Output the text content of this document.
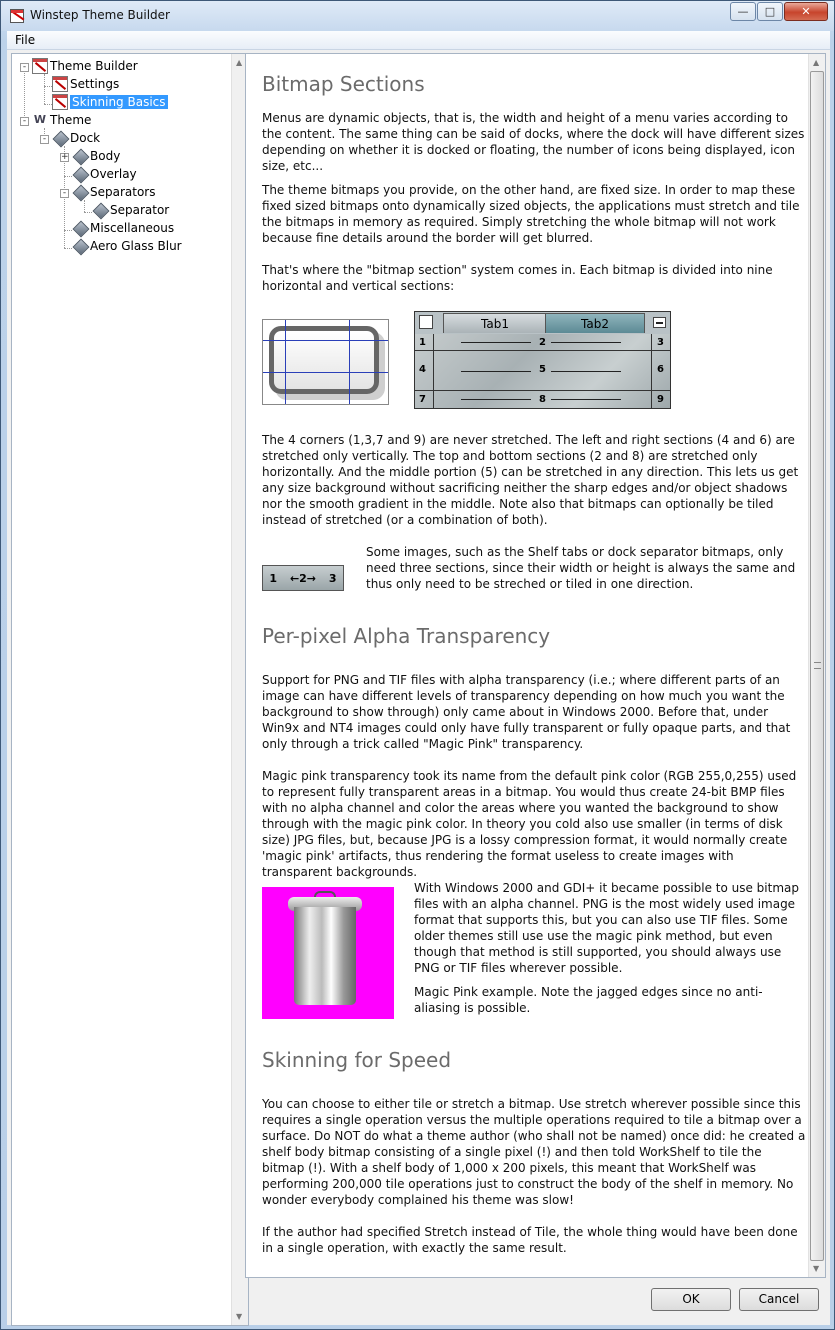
Winstep Theme Builder	—	□	✕
File
- Theme Builder
Settings
Skinning Basics
- W Theme
- Dock
+ Body
Overlay
- Separators
Separator
Miscellaneous
Aero Glass Blur
▲
▼
Bitmap Sections

Menus are dynamic objects, that is, the width and height of a menu varies according to the content. The same thing can be said of docks, where the dock will have different sizes depending on whether it is docked or floating, the number of icons being displayed, icon size, etc...

The theme bitmaps you provide, on the other hand, are fixed size. In order to map these fixed sized bitmaps onto dynamically sized objects, the applications must stretch and tile the bitmaps in memory as required. Simply stretching the whole bitmap will not work because fine details around the border will get blurred.

That's where the "bitmap section" system comes in. Each bitmap is divided into nine horizontal and vertical sections:

Tab1	Tab2
1	2	3
4	5	6
7	8	9

The 4 corners (1,3,7 and 9) are never stretched. The left and right sections (4 and 6) are stretched only vertically. The top and bottom sections (2 and 8) are stretched only horizontally. And the middle portion (5) can be stretched in any direction. This lets us get any size background without sacrificing neither the sharp edges and/or object shadows nor the smooth gradient in the middle. Note also that bitmaps can optionally be tiled instead of stretched (or a combination of both).

1 ←2→ 3

Some images, such as the Shelf tabs or dock separator bitmaps, only need three sections, since their width or height is always the same and thus only need to be streched or tiled in one direction.

Per-pixel Alpha Transparency

Support for PNG and TIF files with alpha transparency (i.e.; where different parts of an image can have different levels of transparency depending on how much you want the background to show through) only came about in Windows 2000. Before that, under Win9x and NT4 images could only have fully transparent or fully opaque parts, and that only through a trick called "Magic Pink" transparency.

Magic pink transparency took its name from the default pink color (RGB 255,0,255) used to represent fully transparent areas in a bitmap. You would thus create 24-bit BMP files with no alpha channel and color the areas where you wanted the background to show through with the magic pink color. In theory you cold also use smaller (in terms of disk size) JPG files, but, because JPG is a lossy compression format, it would normally create 'magic pink' artifacts, thus rendering the format useless to create images with transparent backgrounds.

With Windows 2000 and GDI+ it became possible to use bitmap files with an alpha channel. PNG is the most widely used image format that supports this, but you can also use TIF files. Some older themes still use use the magic pink method, but even though that method is still supported, you should always use PNG or TIF files wherever possible.

Magic Pink example. Note the jagged edges since no anti-aliasing is possible.

Skinning for Speed

You can choose to either tile or stretch a bitmap. Use stretch wherever possible since this requires a single operation versus the multiple operations required to tile a bitmap over a surface. Do NOT do what a theme author (who shall not be named) once did: he created a shelf body bitmap consisting of a single pixel (!) and then told WorkShelf to tile the bitmap (!). With a shelf body of 1,000 x 200 pixels, this meant that WorkShelf was performing 200,000 tile operations just to construct the body of the shelf in memory. No wonder everybody complained his theme was slow!

If the author had specified Stretch instead of Tile, the whole thing would have been done in a single operation, with exactly the same result.

▲
▼
OK	Cancel
